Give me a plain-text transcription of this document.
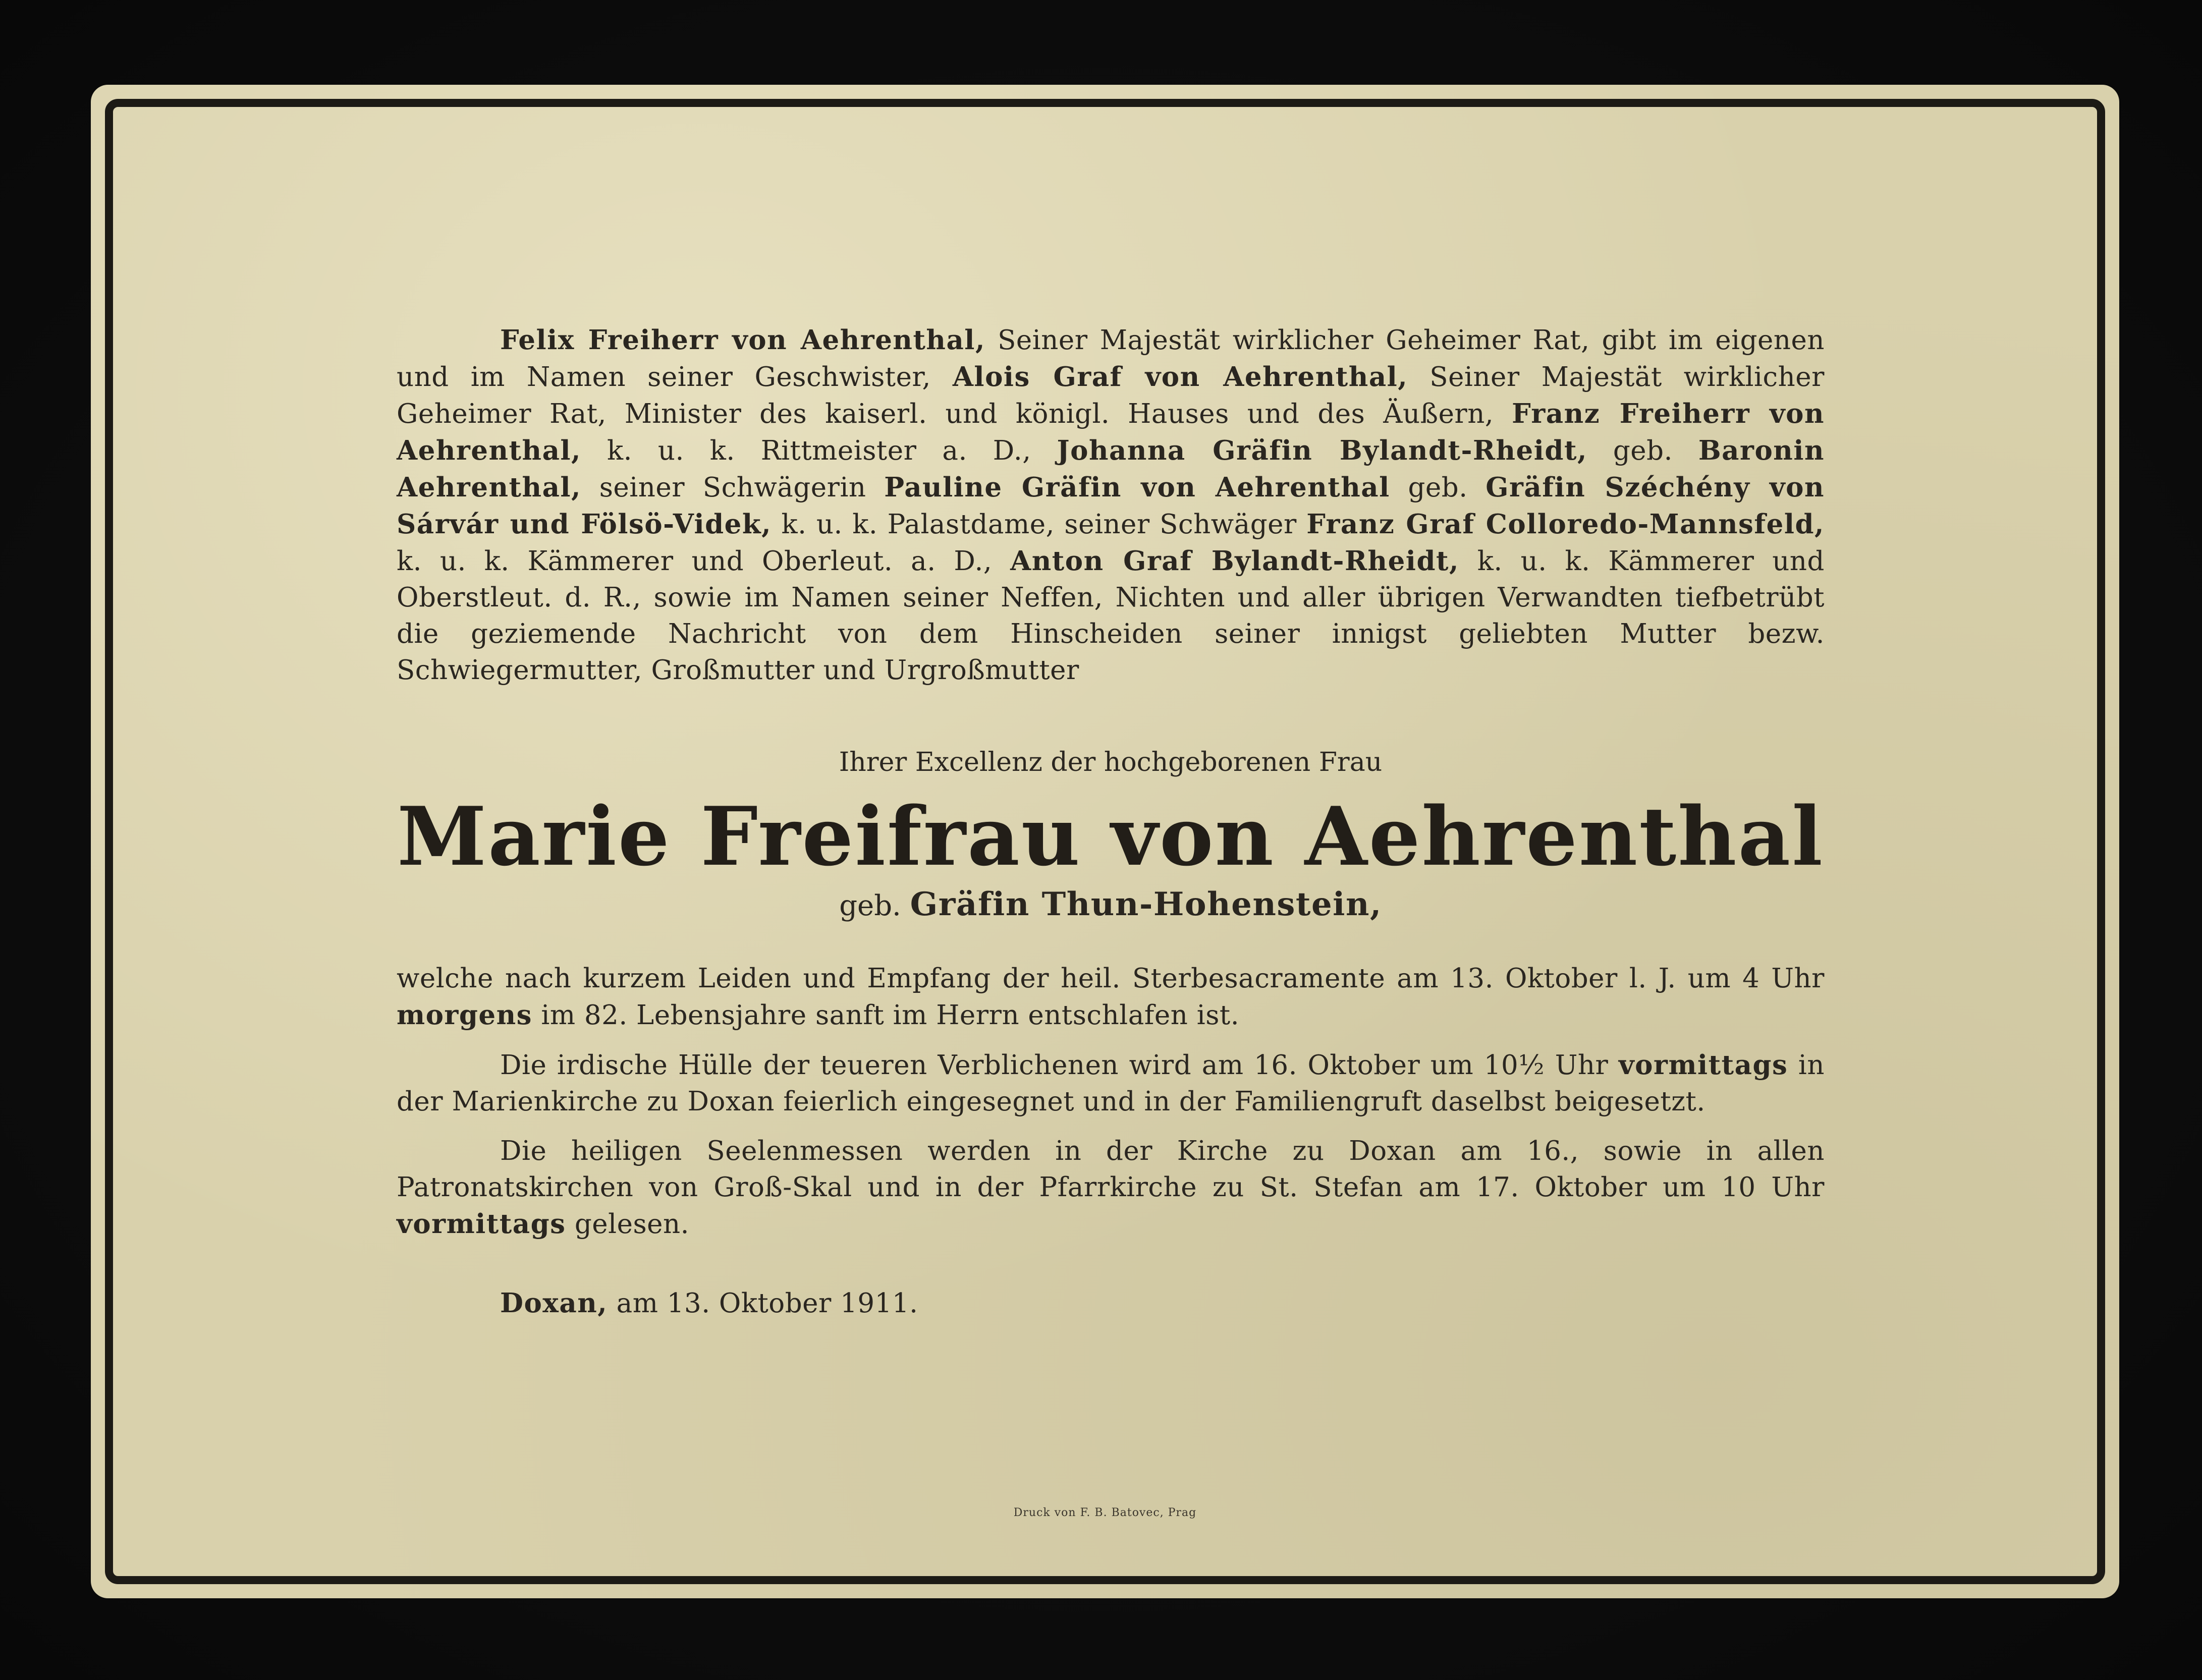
Felix Freiherr von Aehrenthal, Seiner Majestät wirklicher Geheimer Rat, gibt im eigenen und im Namen seiner Geschwister, Alois Graf von Aehrenthal, Seiner Majestät wirklicher Geheimer Rat, Minister des kaiserl. und königl. Hauses und des Äußern, Franz Freiherr von Aehrenthal, k. u. k. Rittmeister a. D., Johanna Gräfin Bylandt-Rheidt, geb. Baronin Aehrenthal, seiner Schwägerin Pauline Gräfin von Aehrenthal geb. Gräfin Széchény von Sárvár und Fölsö-Videk, k. u. k. Palastdame, seiner Schwäger Franz Graf Colloredo-Mannsfeld, k. u. k. Kämmerer und Oberleut. a. D., Anton Graf Bylandt-Rheidt, k. u. k. Kämmerer und Oberstleut. d. R., sowie im Namen seiner Neffen, Nichten und aller übrigen Verwandten tiefbetrübt die geziemende Nachricht von dem Hinscheiden seiner innigst geliebten Mutter bezw. Schwiegermutter, Großmutter und Urgroßmutter

Ihrer Excellenz der hochgeborenen Frau
Marie Freifrau von Aehrenthal
geb. Gräfin Thun-Hohenstein,

welche nach kurzem Leiden und Empfang der heil. Sterbesacramente am 13. Oktober l. J. um 4 Uhr morgens im 82. Lebensjahre sanft im Herrn entschlafen ist.

Die irdische Hülle der teueren Verblichenen wird am 16. Oktober um 10½ Uhr vormittags in der Marienkirche zu Doxan feierlich eingesegnet und in der Familiengruft daselbst beigesetzt.

Die heiligen Seelenmessen werden in der Kirche zu Doxan am 16., sowie in allen Patronatskirchen von Groß-Skal und in der Pfarrkirche zu St. Stefan am 17. Oktober um 10 Uhr vormittags gelesen.

Doxan, am 13. Oktober 1911.

Druck von F. B. Batovec, Prag
